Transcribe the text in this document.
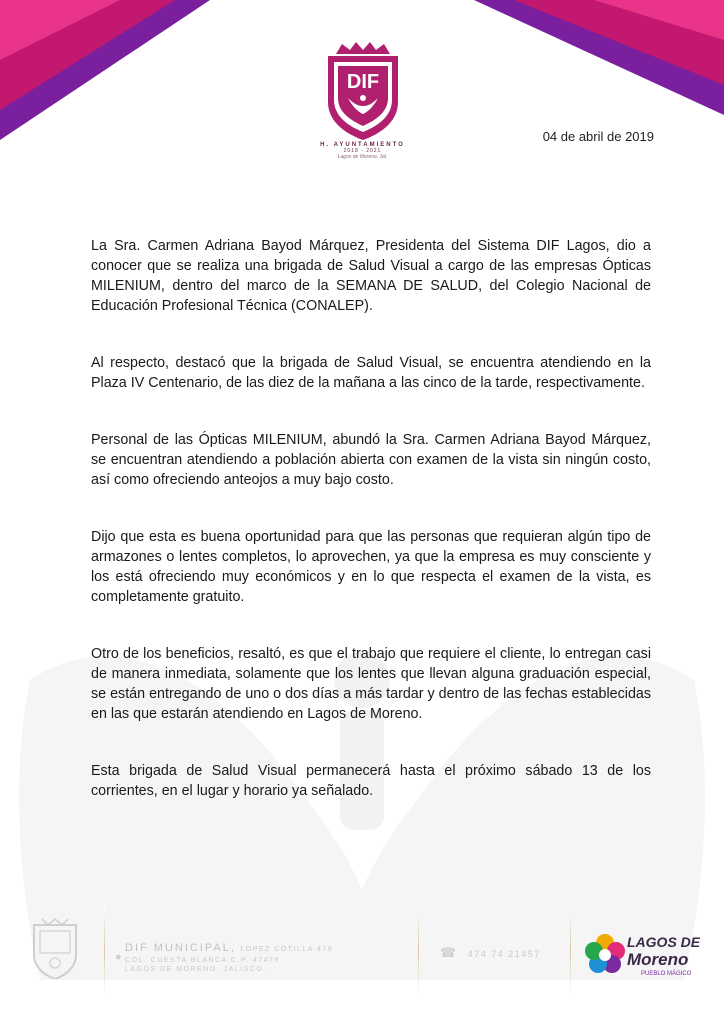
DIF
H. AYUNTAMIENTO
2018 - 2021
Lagos de Moreno, Jal.
04 de abril de 2019

La Sra. Carmen Adriana Bayod Márquez, Presidenta del Sistema DIF Lagos, dio a conocer que se realiza una brigada de Salud Visual a cargo de las empresas Ópticas MILENIUM, dentro del marco de la SEMANA DE SALUD, del Colegio Nacional de Educación Profesional Técnica (CONALEP).

Al respecto, destacó que la brigada de Salud Visual, se encuentra atendiendo en la Plaza IV Centenario, de las diez de la mañana a las cinco de la tarde, respectivamente.

Personal de las Ópticas MILENIUM, abundó la Sra. Carmen Adriana Bayod Márquez, se encuentran atendiendo a población abierta con examen de la vista sin ningún costo, así como ofreciendo anteojos a muy bajo costo.

Dijo que esta es buena oportunidad para que las personas que requieran algún tipo de armazones o lentes completos, lo aprovechen, ya que la empresa es muy consciente y los está ofreciendo muy económicos y en lo que respecta el examen de la vista, es completamente gratuito.

Otro de los beneficios, resaltó, es que el trabajo que requiere el cliente, lo entregan casi de manera inmediata, solamente que los lentes que llevan alguna graduación especial, se están entregando de uno o dos días a más tardar y dentro de las fechas establecidas en las que estarán atendiendo en Lagos de Moreno.

Esta brigada de Salud Visual permanecerá hasta el próximo sábado 13 de los corrientes, en el lugar y horario ya señalado.

●
DIF MUNICIPAL, LOPEZ COTILLA 479
COL. CUESTA BLANCA C.P. 47479
LAGOS DE MORENO, JALISCO.
☎ 474 74 21457
LAGOS DE
Moreno
PUEBLO MÁGICO
